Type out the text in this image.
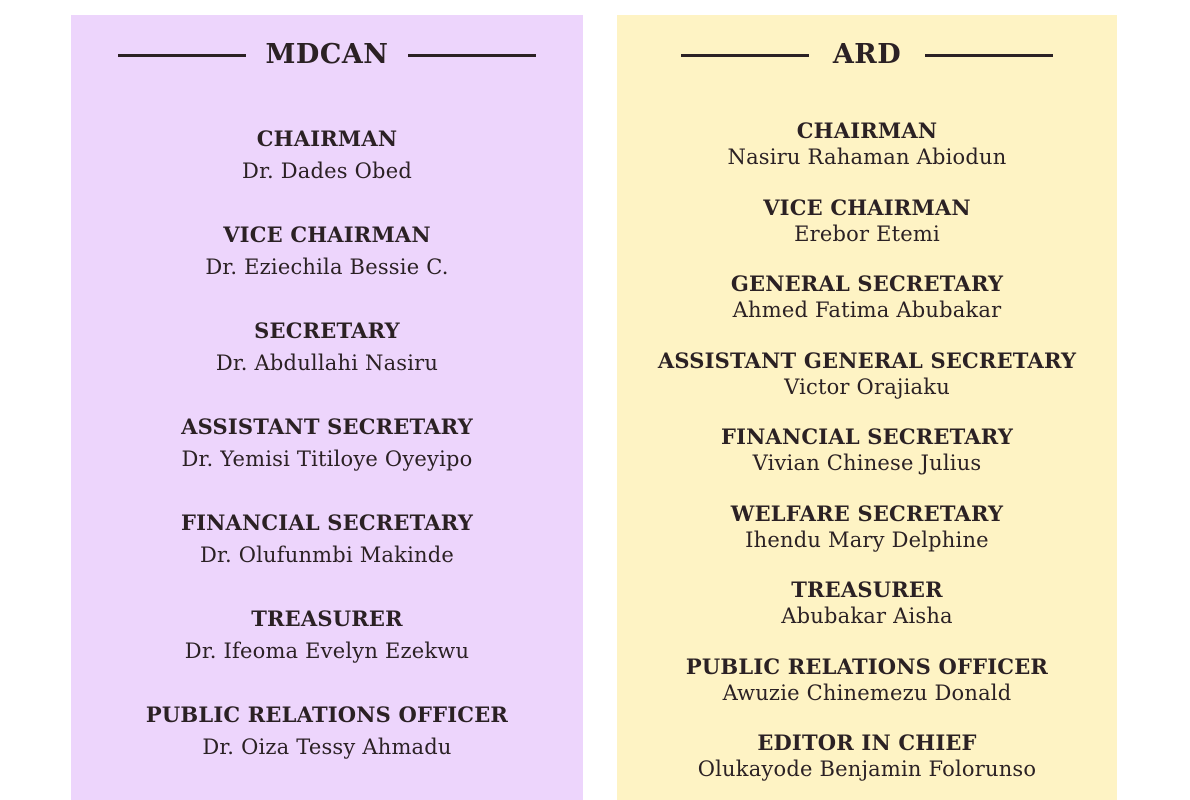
MDCAN
CHAIRMAN
Dr. Dades Obed
VICE CHAIRMAN
Dr. Eziechila Bessie C.
SECRETARY
Dr. Abdullahi Nasiru
ASSISTANT SECRETARY
Dr. Yemisi Titiloye Oyeyipo
FINANCIAL SECRETARY
Dr. Olufunmbi Makinde
TREASURER
Dr. Ifeoma Evelyn Ezekwu
PUBLIC RELATIONS OFFICER
Dr. Oiza Tessy Ahmadu
ARD
CHAIRMAN
Nasiru Rahaman Abiodun
VICE CHAIRMAN
Erebor Etemi
GENERAL SECRETARY
Ahmed Fatima Abubakar
ASSISTANT GENERAL SECRETARY
Victor Orajiaku
FINANCIAL SECRETARY
Vivian Chinese Julius
WELFARE SECRETARY
Ihendu Mary Delphine
TREASURER
Abubakar Aisha
PUBLIC RELATIONS OFFICER
Awuzie Chinemezu Donald
EDITOR IN CHIEF
Olukayode Benjamin Folorunso
